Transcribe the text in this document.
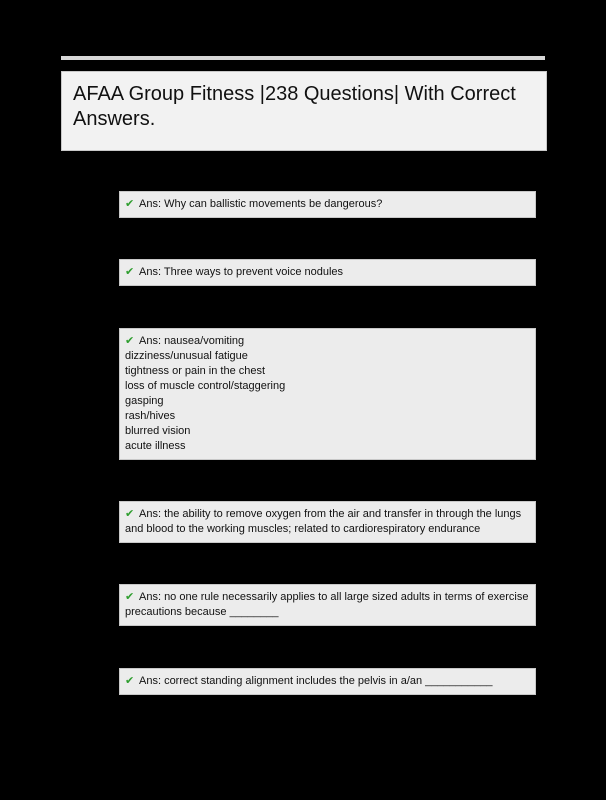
AFAA Group Fitness |238 Questions| With Correct Answers.
✔ Ans: Why can ballistic movements be dangerous?
✔ Ans: Three ways to prevent voice nodules
✔ Ans: nausea/vomiting
dizziness/unusual fatigue
tightness or pain in the chest
loss of muscle control/staggering
gasping
rash/hives
blurred vision
acute illness
✔ Ans: the ability to remove oxygen from the air and transfer in through the lungs and blood to the working muscles; related to cardiorespiratory endurance
✔ Ans: no one rule necessarily applies to all large sized adults in terms of exercise precautions because ________
✔ Ans: correct standing alignment includes the pelvis in a/an ___________
